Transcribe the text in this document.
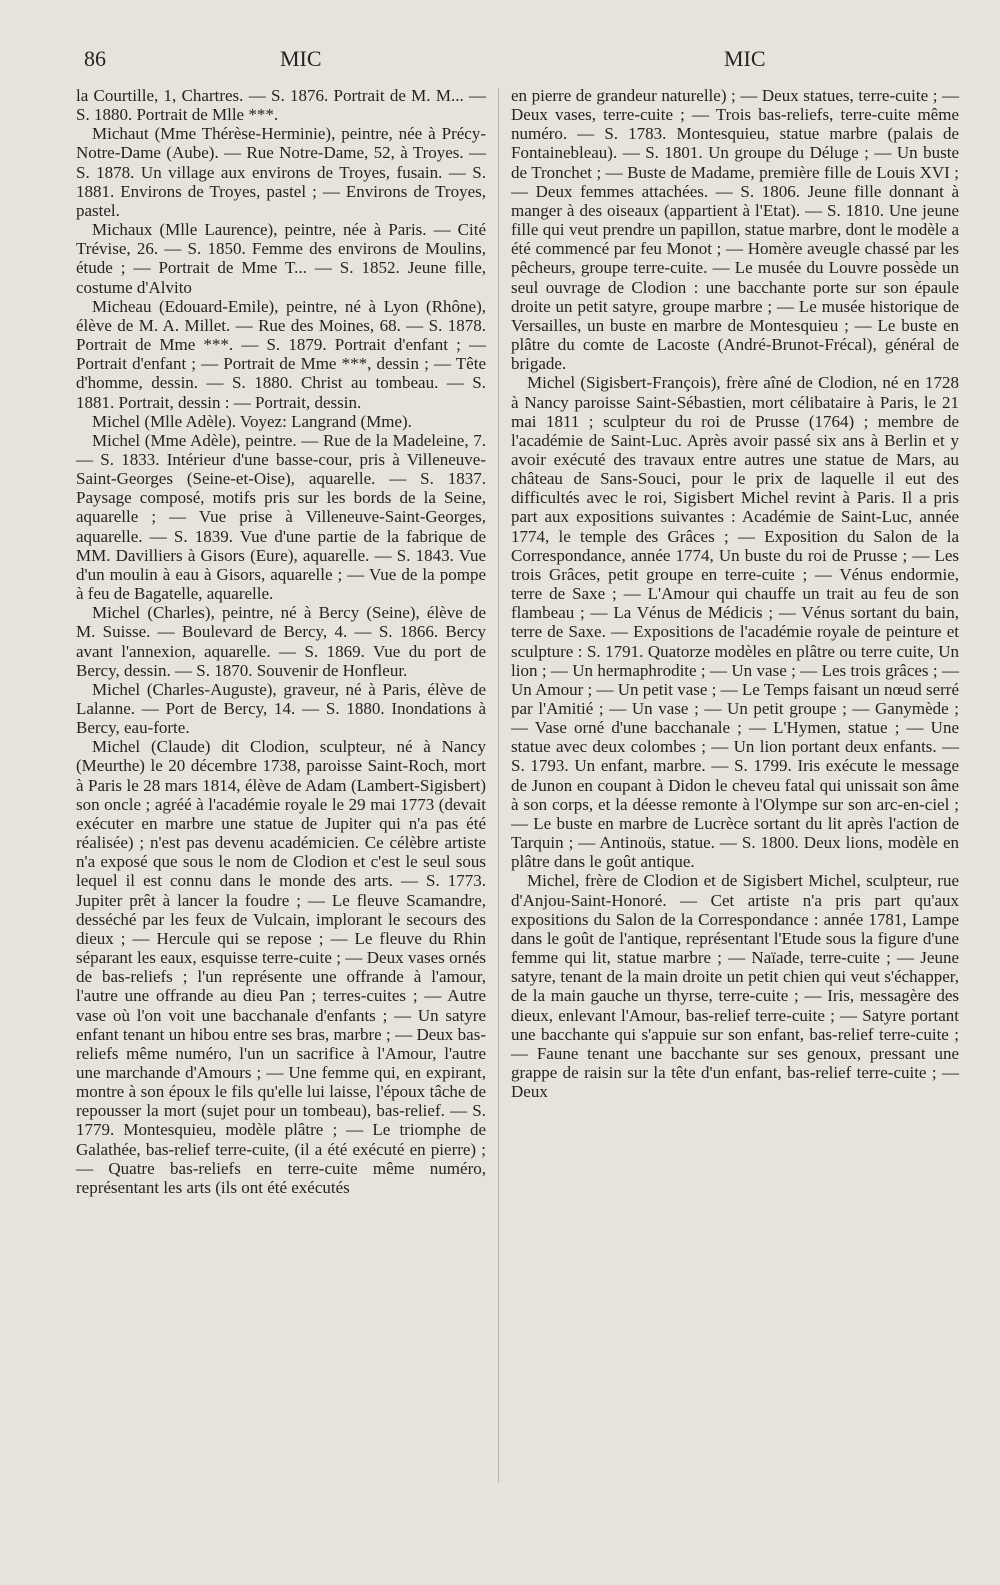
86	MIC	MIC

la Courtille, 1, Chartres. — S. 1876. Portrait de M. M... — S. 1880. Portrait de Mlle ***.

Michaut (Mme Thérèse-Herminie), peintre, née à Précy-Notre-Dame (Aube). — Rue Notre-Dame, 52, à Troyes. — S. 1878. Un village aux environs de Troyes, fusain. — S. 1881. Environs de Troyes, pastel ; — Environs de Troyes, pastel.

Michaux (Mlle Laurence), peintre, née à Paris. — Cité Trévise, 26. — S. 1850. Femme des environs de Moulins, étude ; — Portrait de Mme T... — S. 1852. Jeune fille, costume d'Alvito

Micheau (Edouard-Emile), peintre, né à Lyon (Rhône), élève de M. A. Millet. — Rue des Moines, 68. — S. 1878. Portrait de Mme ***. — S. 1879. Portrait d'enfant ; — Portrait d'enfant ; — Portrait de Mme ***, dessin ; — Tête d'homme, dessin. — S. 1880. Christ au tombeau. — S. 1881. Portrait, dessin : — Portrait, dessin.

Michel (Mlle Adèle). Voyez: Langrand (Mme).

Michel (Mme Adèle), peintre. — Rue de la Madeleine, 7. — S. 1833. Intérieur d'une basse-cour, pris à Villeneuve-Saint-Georges (Seine-et-Oise), aquarelle. — S. 1837. Paysage composé, motifs pris sur les bords de la Seine, aquarelle ; — Vue prise à Villeneuve-Saint-Georges, aquarelle. — S. 1839. Vue d'une partie de la fabrique de MM. Davilliers à Gisors (Eure), aquarelle. — S. 1843. Vue d'un moulin à eau à Gisors, aquarelle ; — Vue de la pompe à feu de Bagatelle, aquarelle.

Michel (Charles), peintre, né à Bercy (Seine), élève de M. Suisse. — Boulevard de Bercy, 4. — S. 1866. Bercy avant l'annexion, aquarelle. — S. 1869. Vue du port de Bercy, dessin. — S. 1870. Souvenir de Honfleur.

Michel (Charles-Auguste), graveur, né à Paris, élève de Lalanne. — Port de Bercy, 14. — S. 1880. Inondations à Bercy, eau-forte.

Michel (Claude) dit Clodion, sculpteur, né à Nancy (Meurthe) le 20 décembre 1738, paroisse Saint-Roch, mort à Paris le 28 mars 1814, élève de Adam (Lambert-Sigisbert) son oncle ; agréé à l'académie royale le 29 mai 1773 (devait exécuter en marbre une statue de Jupiter qui n'a pas été réalisée) ; n'est pas devenu académicien. Ce célèbre artiste n'a exposé que sous le nom de Clodion et c'est le seul sous lequel il est connu dans le monde des arts. — S. 1773. Jupiter prêt à lancer la foudre ; — Le fleuve Scamandre, desséché par les feux de Vulcain, implorant le secours des dieux ; — Hercule qui se repose ; — Le fleuve du Rhin séparant les eaux, esquisse terre-cuite ; — Deux vases ornés de bas-reliefs ; l'un représente une offrande à l'amour, l'autre une offrande au dieu Pan ; terres-cuites ; — Autre vase où l'on voit une bacchanale d'enfants ; — Un satyre enfant tenant un hibou entre ses bras, marbre ; — Deux bas-reliefs même numéro, l'un un sacrifice à l'Amour, l'autre une marchande d'Amours ; — Une femme qui, en expirant, montre à son époux le fils qu'elle lui laisse, l'époux tâche de repousser la mort (sujet pour un tombeau), bas-relief. — S. 1779. Montesquieu, modèle plâtre ; — Le triomphe de Galathée, bas-relief terre-cuite, (il a été exécuté en pierre) ; — Quatre bas-reliefs en terre-cuite même numéro, représentant les arts (ils ont été exécutés

en pierre de grandeur naturelle) ; — Deux statues, terre-cuite ; — Deux vases, terre-cuite ; — Trois bas-reliefs, terre-cuite même numéro. — S. 1783. Montesquieu, statue marbre (palais de Fontainebleau). — S. 1801. Un groupe du Déluge ; — Un buste de Tronchet ; — Buste de Madame, première fille de Louis XVI ; — Deux femmes attachées. — S. 1806. Jeune fille donnant à manger à des oiseaux (appartient à l'Etat). — S. 1810. Une jeune fille qui veut prendre un papillon, statue marbre, dont le modèle a été commencé par feu Monot ; — Homère aveugle chassé par les pêcheurs, groupe terre-cuite. — Le musée du Louvre possède un seul ouvrage de Clodion : une bacchante porte sur son épaule droite un petit satyre, groupe marbre ; — Le musée historique de Versailles, un buste en marbre de Montesquieu ; — Le buste en plâtre du comte de Lacoste (André-Brunot-Frécal), général de brigade.

Michel (Sigisbert-François), frère aîné de Clodion, né en 1728 à Nancy paroisse Saint-Sébastien, mort célibataire à Paris, le 21 mai 1811 ; sculpteur du roi de Prusse (1764) ; membre de l'académie de Saint-Luc. Après avoir passé six ans à Berlin et y avoir exécuté des travaux entre autres une statue de Mars, au château de Sans-Souci, pour le prix de laquelle il eut des difficultés avec le roi, Sigisbert Michel revint à Paris. Il a pris part aux expositions suivantes : Académie de Saint-Luc, année 1774, le temple des Grâces ; — Exposition du Salon de la Correspondance, année 1774, Un buste du roi de Prusse ; — Les trois Grâces, petit groupe en terre-cuite ; — Vénus endormie, terre de Saxe ; — L'Amour qui chauffe un trait au feu de son flambeau ; — La Vénus de Médicis ; — Vénus sortant du bain, terre de Saxe. — Expositions de l'académie royale de peinture et sculpture : S. 1791. Quatorze modèles en plâtre ou terre cuite, Un lion ; — Un hermaphrodite ; — Un vase ; — Les trois grâces ; — Un Amour ; — Un petit vase ; — Le Temps faisant un nœud serré par l'Amitié ; — Un vase ; — Un petit groupe ; — Ganymède ; — Vase orné d'une bacchanale ; — L'Hymen, statue ; — Une statue avec deux colombes ; — Un lion portant deux enfants. — S. 1793. Un enfant, marbre. — S. 1799. Iris exécute le message de Junon en coupant à Didon le cheveu fatal qui unissait son âme à son corps, et la déesse remonte à l'Olympe sur son arc-en-ciel ; — Le buste en marbre de Lucrèce sortant du lit après l'action de Tarquin ; — Antinoüs, statue. — S. 1800. Deux lions, modèle en plâtre dans le goût antique.

Michel, frère de Clodion et de Sigisbert Michel, sculpteur, rue d'Anjou-Saint-Honoré. — Cet artiste n'a pris part qu'aux expositions du Salon de la Correspondance : année 1781, Lampe dans le goût de l'antique, représentant l'Etude sous la figure d'une femme qui lit, statue marbre ; — Naïade, terre-cuite ; — Jeune satyre, tenant de la main droite un petit chien qui veut s'échapper, de la main gauche un thyrse, terre-cuite ; — Iris, messagère des dieux, enlevant l'Amour, bas-relief terre-cuite ; — Satyre portant une bacchante qui s'appuie sur son enfant, bas-relief terre-cuite ; — Faune tenant une bacchante sur ses genoux, pressant une grappe de raisin sur la tête d'un enfant, bas-relief terre-cuite ; — Deux
